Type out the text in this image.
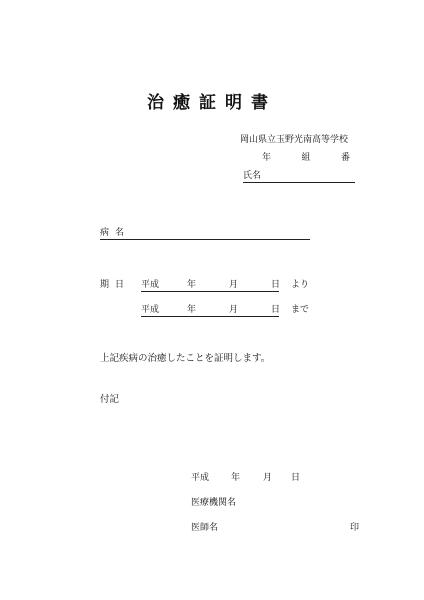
治癒証明書
岡山県立玉野光南高等学校
年	組	番
氏名
病名
期日 平成	年	月	日 より
平成	年	月	日 まで
上記疾病の治癒したことを証明します。
付記
平成	年	月	日
医療機関名
医師名	印
